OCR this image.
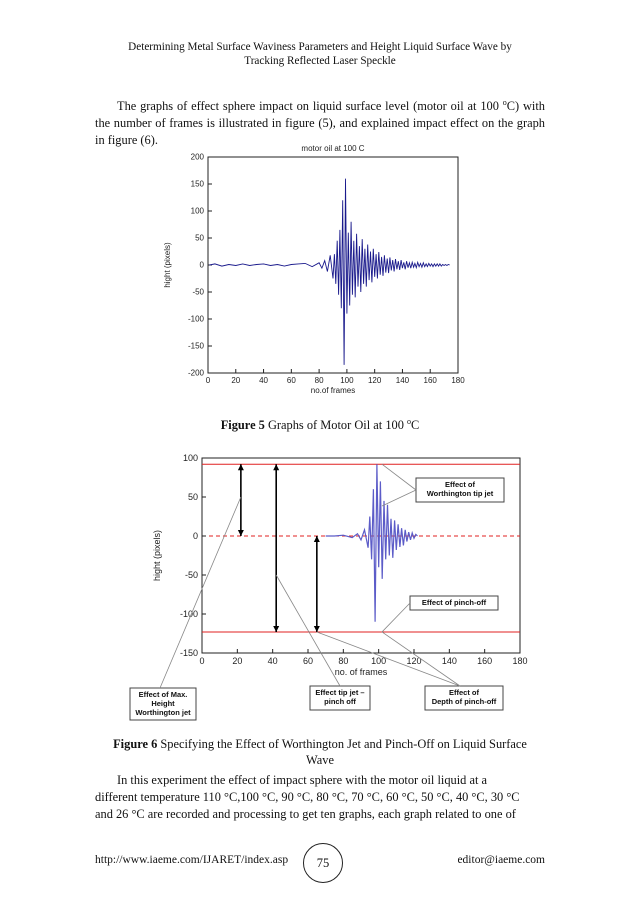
Determining Metal Surface Waviness Parameters and Height Liquid Surface Wave by
Tracking Reflected Laser Speckle
The graphs of effect sphere impact on liquid surface level (motor oil at 100 $^o$C) with the number of frames is illustrated in figure (5), and explained impact effect on the graph in figure (6).
0	20 40 60 80 100 120 140 160 180
200
150
100
50
0
-50
-100
-150
-200
motor oil at 100 C
no.of frames
hight (pixels)
Figure 5 Graphs of Motor Oil at 100 $^o$C
0	20	40	60	80	100 120 140 160 180
100
50
0
-50
-100
-150
no. of frames
hight (pixels)
Effect of
Worthington tip jet
Effect of pinch-off
Effect of Max.
Height
Worthington jet
Effect tip jet –
pinch off
Effect of
Depth of pinch-off
Figure 6 Specifying the Effect of Worthington Jet and Pinch-Off on Liquid Surface
Wave
In this experiment the effect of impact sphere with the motor oil liquid at a
different temperature 110 °C,100 °C, 90 °C, 80 °C, 70 °C, 60 °C, 50 °C, 40 °C, 30 °C
and 26 °C are recorded and processing to get ten graphs, each graph related to one of
http://www.iaeme.com/IJARET/index.asp	75	editor@iaeme.com
